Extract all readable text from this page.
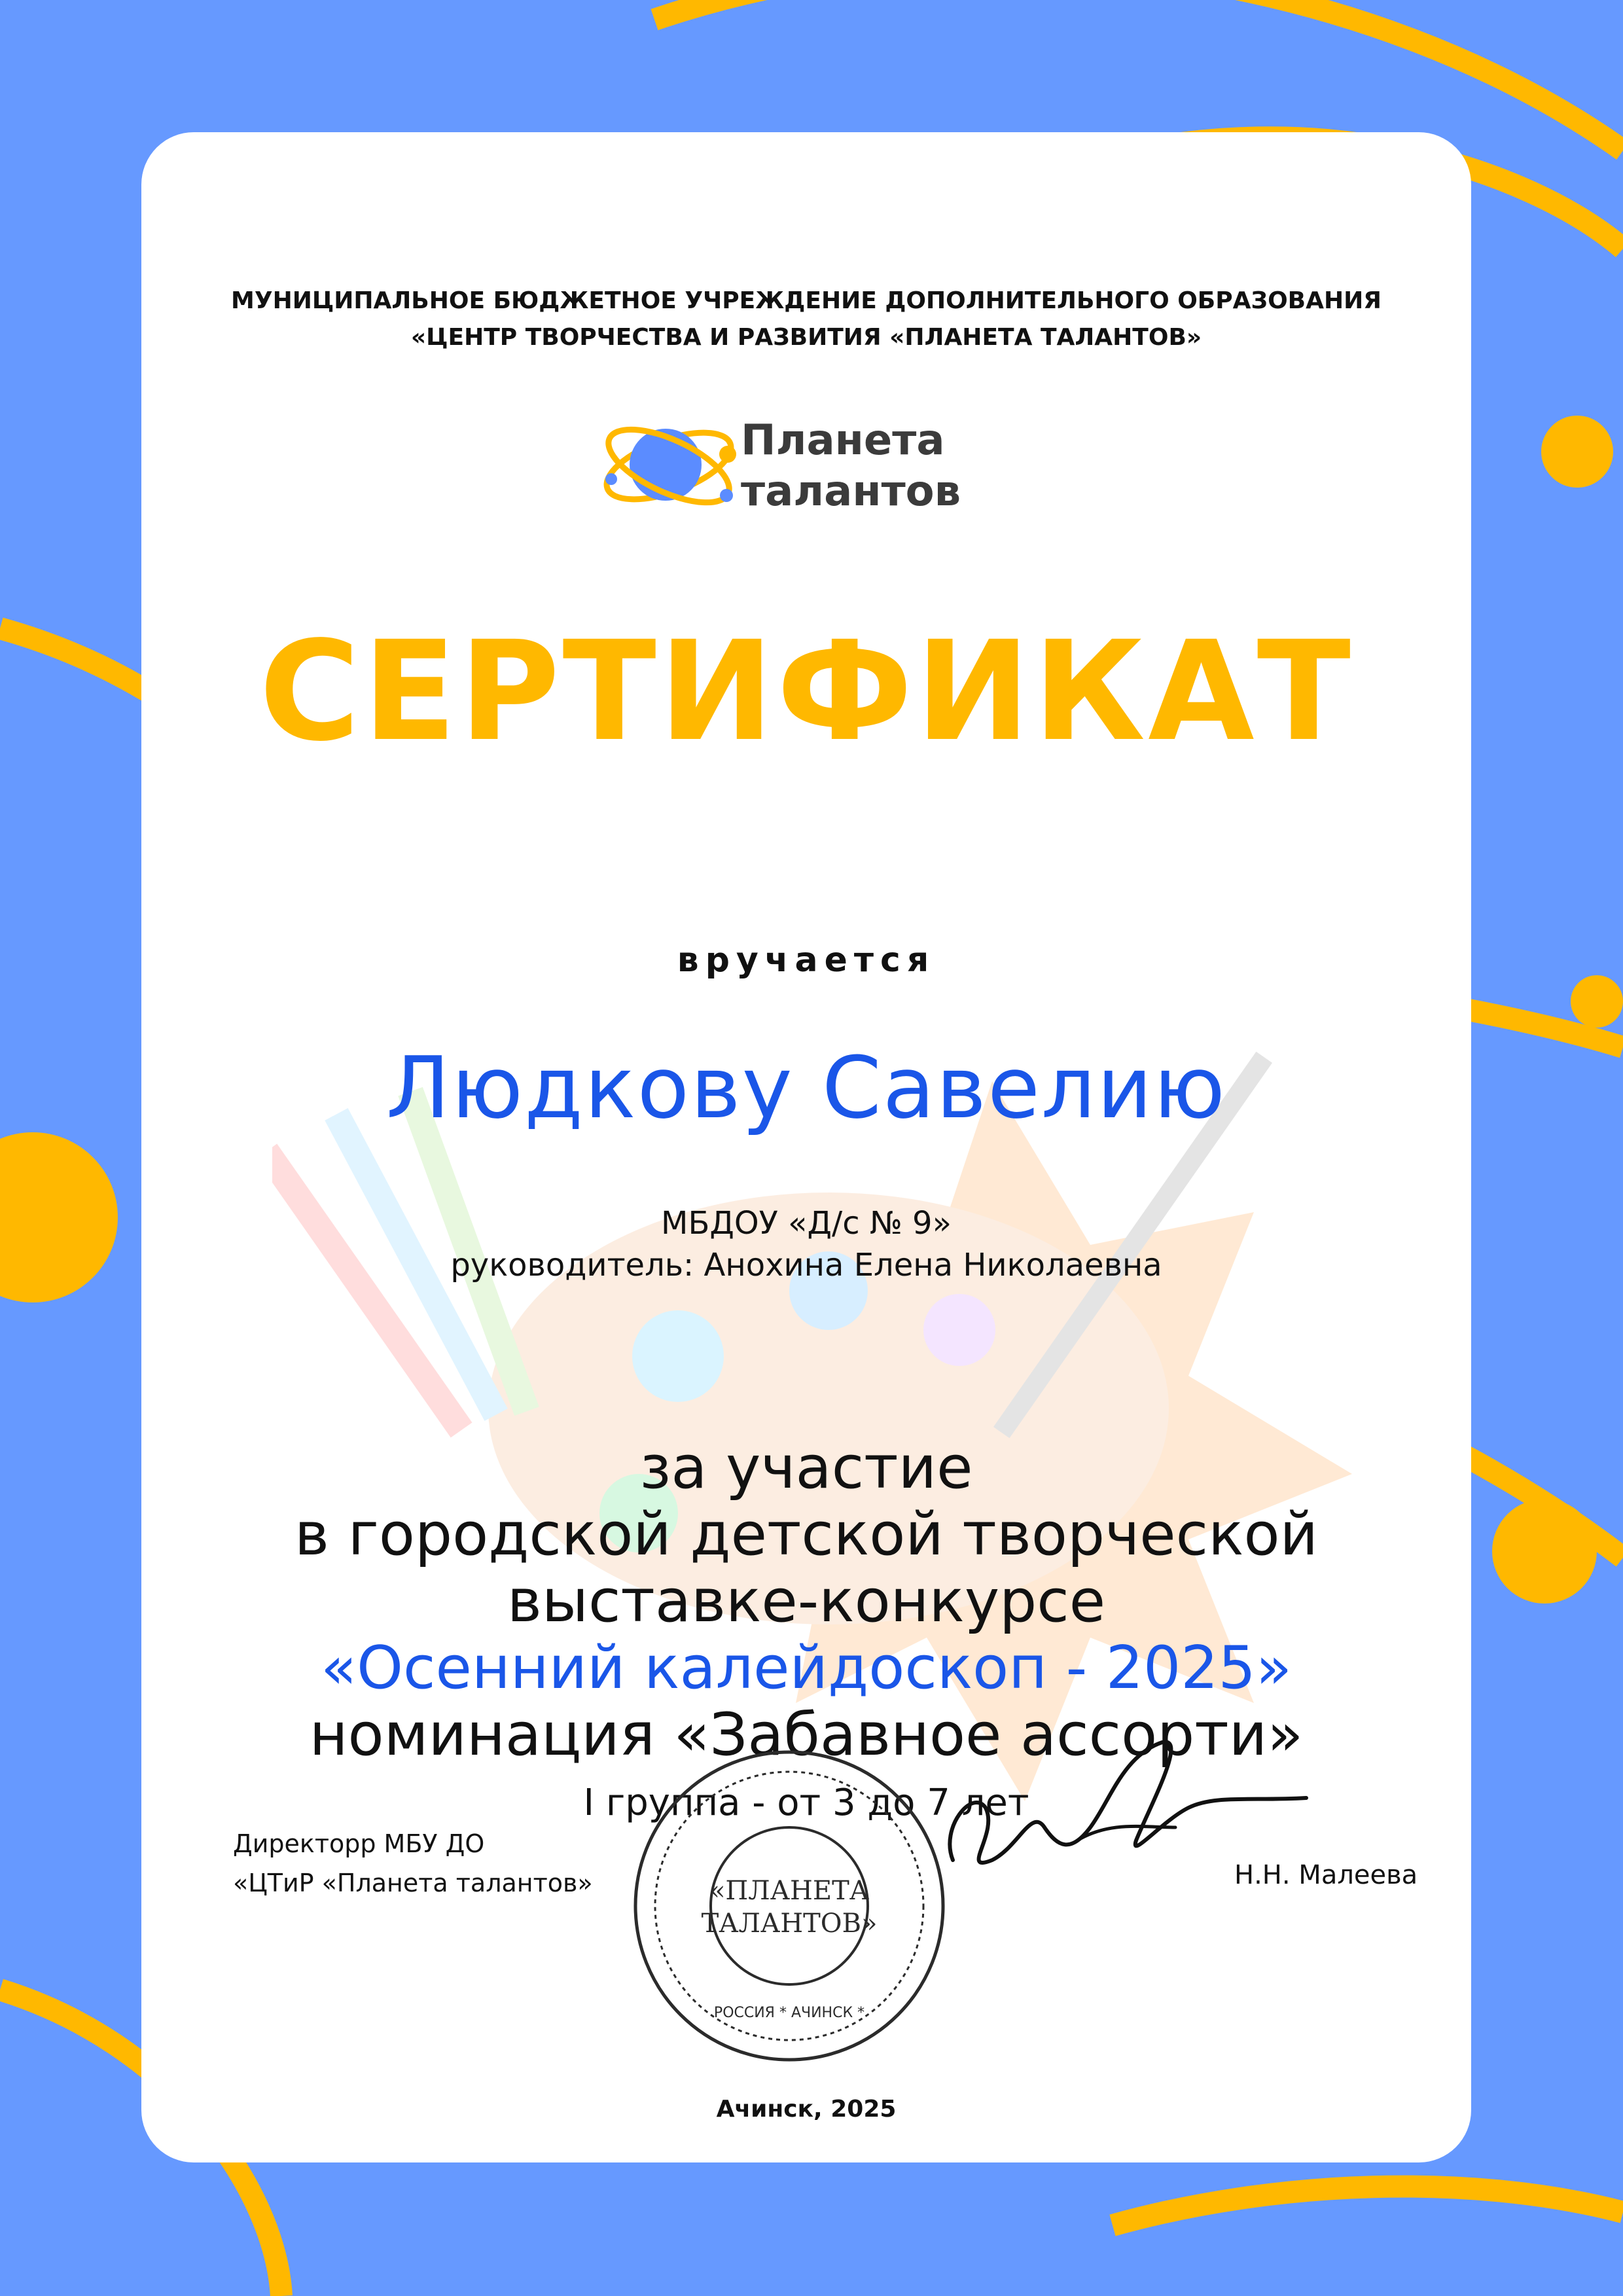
МУНИЦИПАЛЬНОЕ БЮДЖЕТНОЕ УЧРЕЖДЕНИЕ ДОПОЛНИТЕЛЬНОГО ОБРАЗОВАНИЯ
«ЦЕНТР ТВОРЧЕСТВА И РАЗВИТИЯ «ПЛАНЕТА ТАЛАНТОВ»
Планета
талантов
СЕРТИФИКАТ
вручается
Людкову Савелию
МБДОУ «Д/с № 9»
руководитель: Анохина Елена Николаевна
за участие
в городской детской творческой
выставке-конкурсе
«Осенний калейдоскоп - 2025»
номинация «Забавное ассорти»
I группа - от 3 до 7 лет
Директорр МБУ ДО
«ЦТиР «Планета талантов»	«ПЛАНЕТА
ТАЛАНТОВ»
РОССИЯ * АЧИНСК *
Н.Н. Малеева
Ачинск, 2025
